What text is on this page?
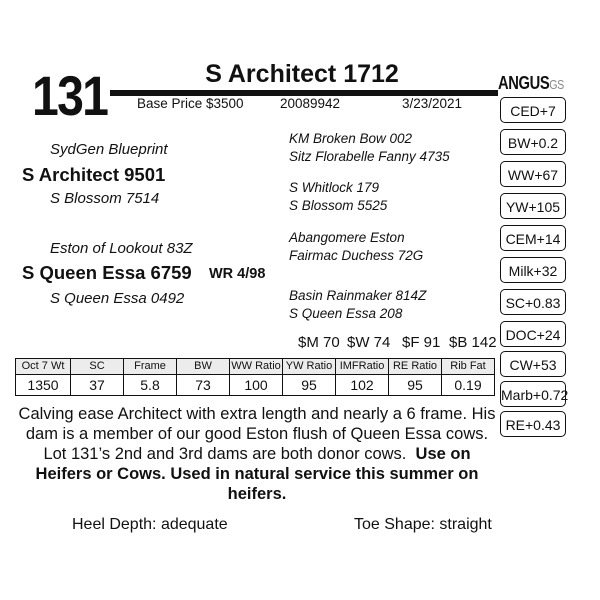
131	S Architect 1712
Base Price $3500	20089942	3/23/2021
ANGUSGS
CED+7
BW+0.2
WW+67
YW+105
CEM+14
Milk+32
SC+0.83
DOC+24
CW+53
Marb+0.72
RE+0.43
SydGen Blueprint
S Architect 9501
S Blossom 7514
Eston of Lookout 83Z
S Queen Essa 6759 WR 4/98
S Queen Essa 0492
KM Broken Bow 002
Sitz Florabelle Fanny 4735
S Whitlock 179
S Blossom 5525
Abangomere Eston
Fairmac Duchess 72G
Basin Rainmaker 814Z
S Queen Essa 208
$M 70 $W 74 $F 91 $B 142
Oct 7 Wt	SC	Frame	BW	WW Ratio	YW Ratio	IMFRatio	RE Ratio	Rib Fat
1350	37	5.8	73	100	95	102	95	0.19
Calving ease Architect with extra length and nearly a 6 frame. His dam is a member of our good Eston flush of Queen Essa cows. Lot 131’s 2nd and 3rd dams are both donor cows. Use on Heifers or Cows. Used in natural service this summer on heifers.
Heel Depth: adequate	Toe Shape: straight
